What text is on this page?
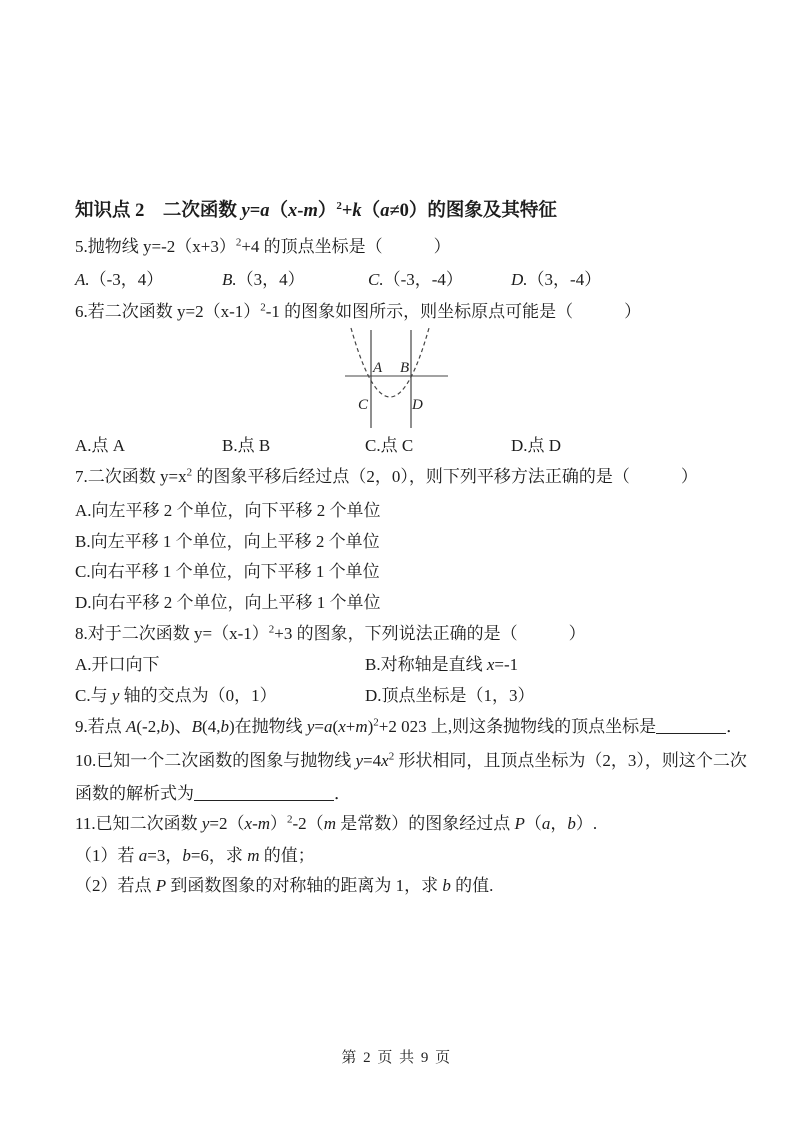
知识点 2　二次函数 $y=a(x-m)^2+k(a\ne 0)$的图象及其特征
5.抛物线 $y=-2(x+3)^2+4$ 的顶点坐标是（　　　）
A.（-3，4）	B.（3，4）	C.（-3，-4）	D.（3，-4）
6.若二次函数 $y=2(x-1)^2-1$ 的图象如图所示，则坐标原点可能是（　　　）
A B
C	D
A.点 A	B.点 B	C.点 C	D.点 D
7.二次函数 $y=x^2$ 的图象平移后经过点（2，0），则下列平移方法正确的是（　　　）
A.向左平移 2 个单位，向下平移 2 个单位
B.向左平移 1 个单位，向上平移 2 个单位
C.向右平移 1 个单位，向下平移 1 个单位
D.向右平移 2 个单位，向上平移 1 个单位
8.对于二次函数 $y=(x-1)^2+3$ 的图象，下列说法正确的是（　　　）
A.开口向下	B.对称轴是直线 x=-1
C.与 y 轴的交点为（0，1）	D.顶点坐标是（1，3）
9.若点 A(-2,b)、B(4,b)在抛物线 $y=a(x+m)^2+2$ 023 上,则这条抛物线的顶点坐标是	．
10.已知一个二次函数的图象与抛物线 $y=4x^2$ 形状相同，且顶点坐标为（2，3），则这个二次
函数的解析式为	．
11.已知二次函数 $y=2(x-m)^2-2(m$ 是常数）的图象经过点 P（a，b）.
（1）若 a=3，b=6，求 m 的值；
（2）若点 P 到函数图象的对称轴的距离为 1，求 b 的值.
第 2 页 共 9 页
